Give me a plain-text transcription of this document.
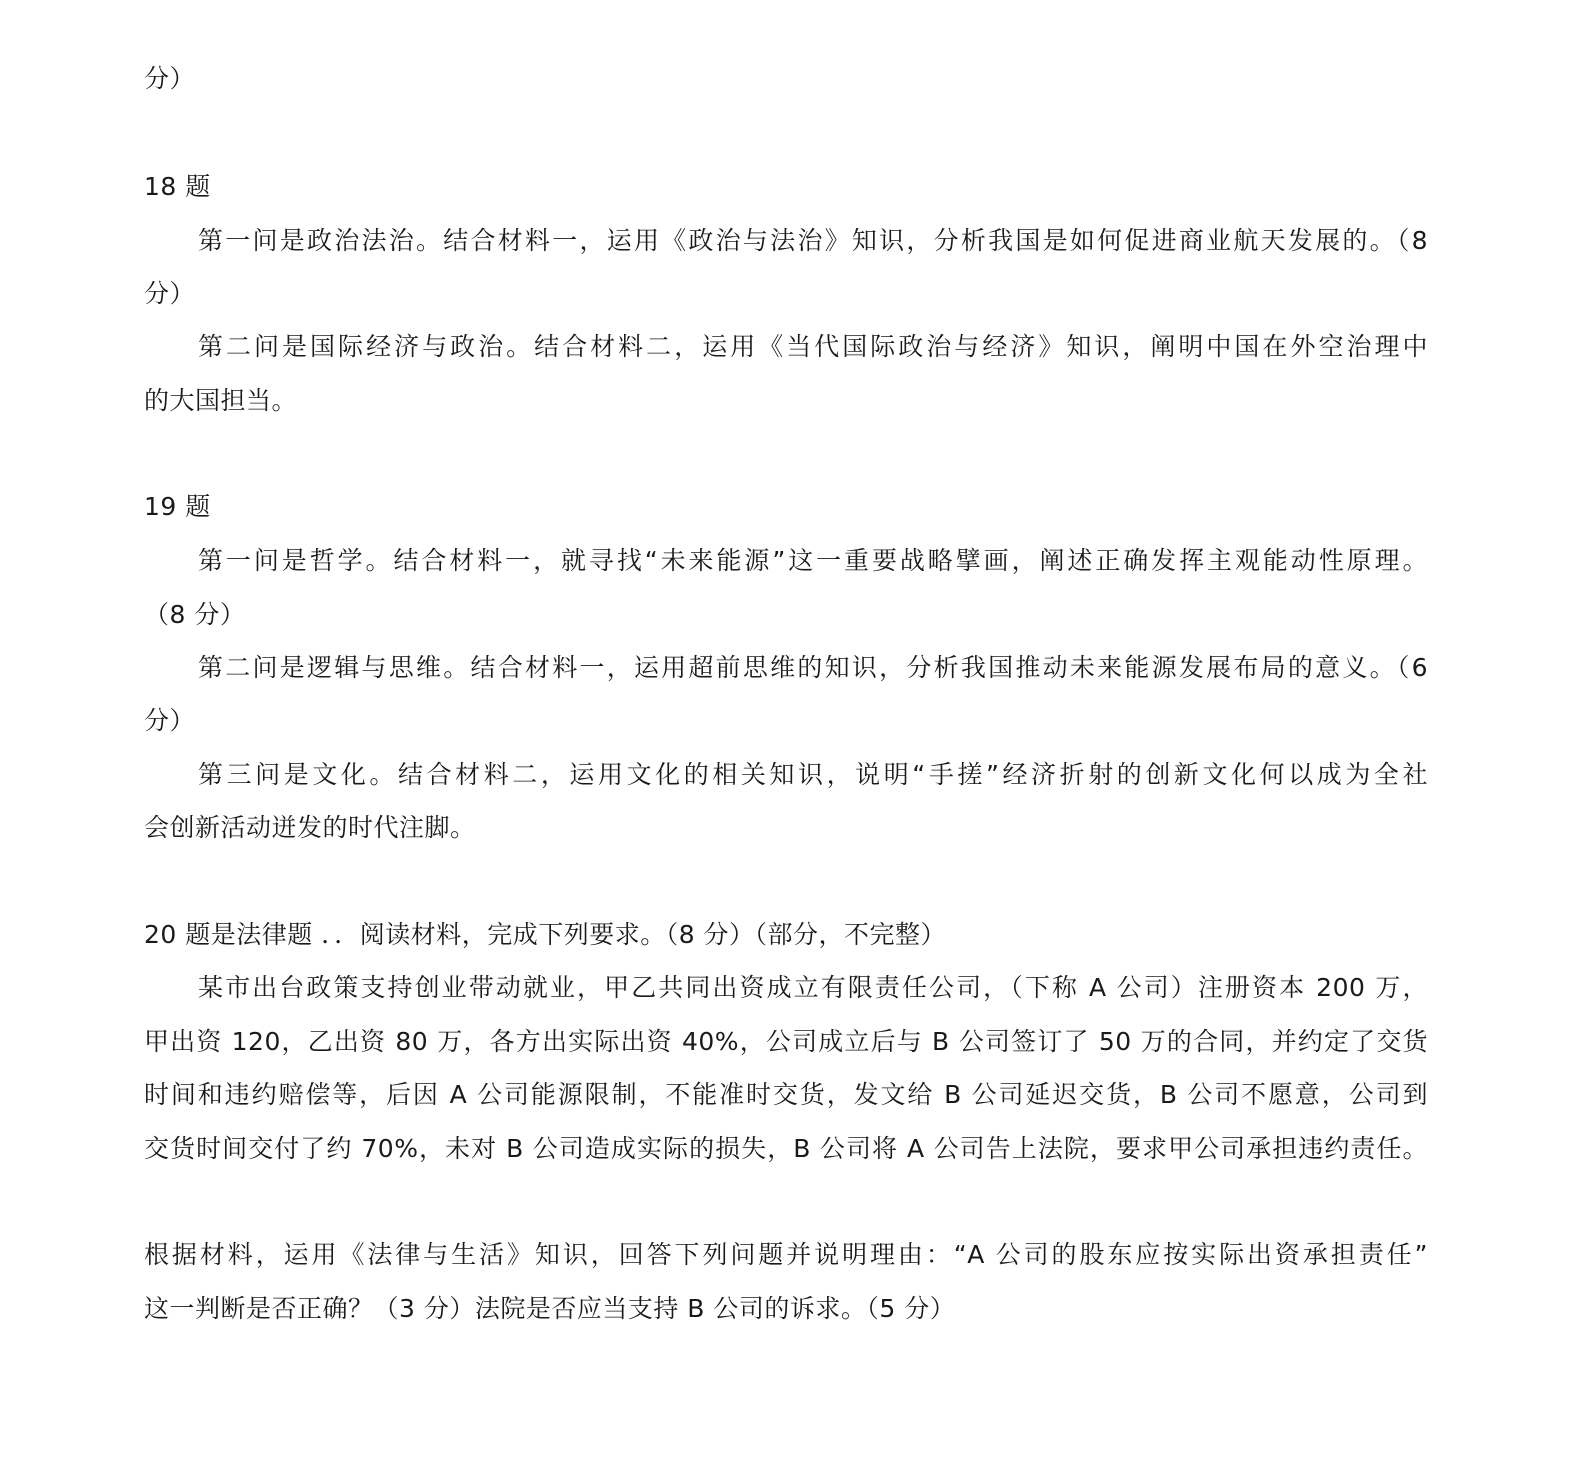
分）
18 题
第一问是政治法治。结合材料一，运用《政治与法治》知识，分析我国是如何促进商业航天发展的。（8
分）
第二问是国际经济与政治。结合材料二，运用《当代国际政治与经济》知识，阐明中国在外空治理中
的大国担当。
19 题
第一问是哲学。结合材料一，就寻找“未来能源”这一重要战略擘画，阐述正确发挥主观能动性原理。
（8 分）
第二问是逻辑与思维。结合材料一，运用超前思维的知识，分析我国推动未来能源发展布局的意义。（6
分）
第三问是文化。结合材料二，运用文化的相关知识，说明“手搓”经济折射的创新文化何以成为全社
会创新活动迸发的时代注脚。
20 题是法律题 ．．阅读材料，完成下列要求。（8 分）（部分，不完整）
某市出台政策支持创业带动就业，甲乙共同出资成立有限责任公司，（下称 A 公司）注册资本 200 万，
甲出资 120，乙出资 80 万，各方出实际出资 40%，公司成立后与 B 公司签订了 50 万的合同，并约定了交货
时间和违约赔偿等，后因 A 公司能源限制，不能准时交货，发文给 B 公司延迟交货，B 公司不愿意，公司到
交货时间交付了约 70%，未对 B 公司造成实际的损失，B 公司将 A 公司告上法院，要求甲公司承担违约责任。
根据材料，运用《法律与生活》知识，回答下列问题并说明理由：“A 公司的股东应按实际出资承担责任”
这一判断是否正确？（3 分）法院是否应当支持 B 公司的诉求。（5 分）
